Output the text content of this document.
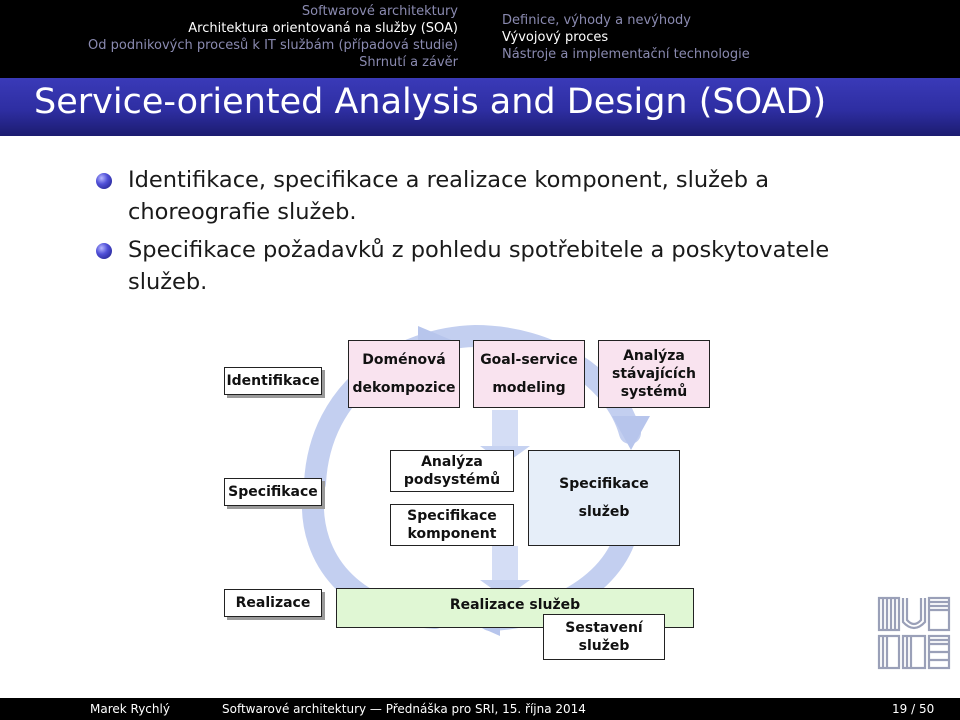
Softwarové architektury
Architektura orientovaná na služby (SOA)
Od podnikových procesů k IT službám (případová studie)
Shrnutí a závěr
Definice, výhody a nevýhody
Vývojový proces
Nástroje a implementační technologie
Service-oriented Analysis and Design (SOAD)
Identifikace, specifikace a realizace komponent, služeb a
choreografie služeb.
Specifikace požadavků z pohledu spotřebitele a poskytovatele
služeb.
Identifikace
Specifikace
Realizace
Doménová
dekompozice
Goal-service
modeling
Analýza
stávajících
systémů
Analýza
podsystémů
Specifikace
komponent
Specifikace
služeb
Realizace služeb
Sestavení
služeb
Marek Rychlý	Softwarové architektury — Přednáška pro SRI, 15. října 2014	19 / 50
